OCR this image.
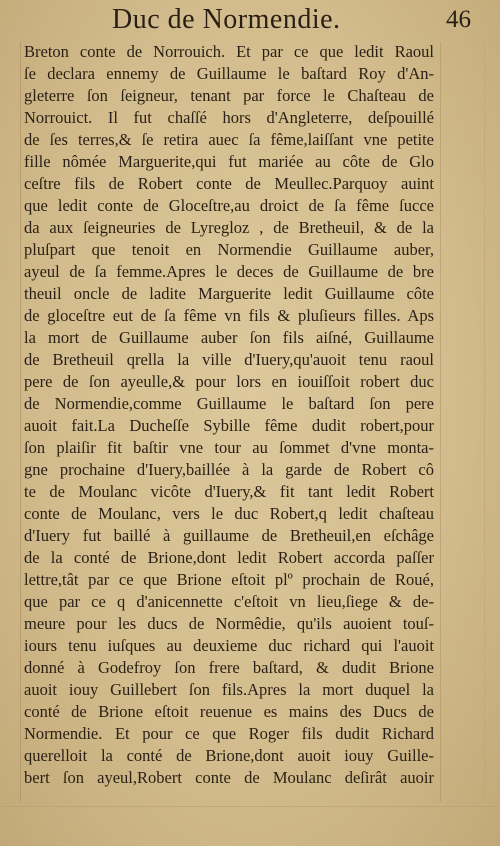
Duc de Normendie.	46
Breton conte de Norrouich. Et par ce que ledit Raoul
ſe declara ennemy de Guillaume le baſtard Roy d'An-
gleterre ſon ſeigneur, tenant par force le Chaſteau de
Norrouict. Il fut chaſſé hors d'Angleterre, deſpouillé
de ſes terres,& ſe retira auec ſa fême,laiſſant vne petite
fille nômée Marguerite,qui fut mariée au côte de Glo
ceſtre fils de Robert conte de Meullec.Parquoy auint
que ledit conte de Gloceſtre,au droict de ſa fême ſucce
da aux ſeigneuries de Lyregloz , de Bretheuil, & de la
pluſpart que tenoit en Normendie Guillaume auber,
ayeul de ſa femme.Apres le deces de Guillaume de bre
theuil oncle de ladite Marguerite ledit Guillaume côte
de gloceſtre eut de ſa fême vn fils & pluſieurs filles. Aps
la mort de Guillaume auber ſon fils aiſné, Guillaume
de Bretheuil qrella la ville d'Iuery,qu'auoit tenu raoul
pere de ſon ayeulle,& pour lors en iouiſſoit robert duc
de Normendie,comme Guillaume le baſtard ſon pere
auoit fait.La Ducheſſe Sybille fême dudit robert,pour
ſon plaiſir fit baſtir vne tour au ſommet d'vne monta-
gne prochaine d'Iuery,baillée à la garde de Robert cô
te de Moulanc vicôte d'Iuery,& fit tant ledit Robert
conte de Moulanc, vers le duc Robert,q ledit chaſteau
d'Iuery fut baillé à guillaume de Bretheuil,en eſchâge
de la conté de Brione,dont ledit Robert accorda paſſer
lettre,tât par ce que Brione eſtoit plº prochain de Roué,
que par ce q d'anicennette c'eſtoit vn lieu,ſiege & de-
meure pour les ducs de Normêdie, qu'ils auoient touſ-
iours tenu iuſques au deuxieme duc richard qui l'auoit
donné à Godefroy ſon frere baſtard, & dudit Brione
auoit iouy Guillebert ſon fils.Apres la mort duquel la
conté de Brione eſtoit reuenue es mains des Ducs de
Normendie. Et pour ce que Roger fils dudit Richard
querelloit la conté de Brione,dont auoit iouy Guille-
bert ſon ayeul,Robert conte de Moulanc deſirât auoir
